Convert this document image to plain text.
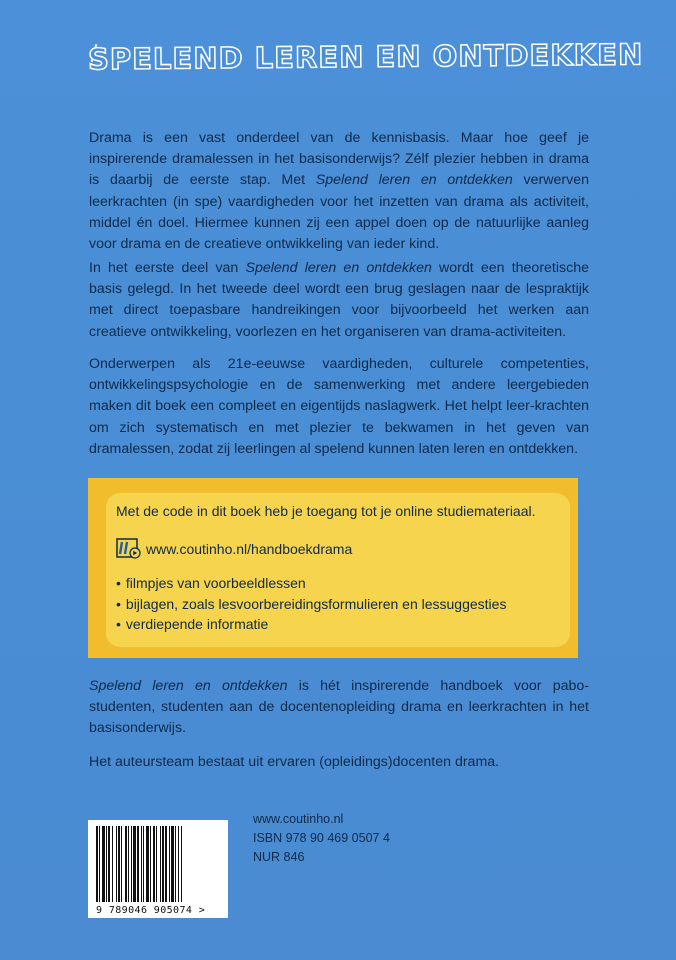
SPELEND LEREN EN ONTDEKKEN

Drama is een vast onderdeel van de kennisbasis. Maar hoe geef je inspirerende dramalessen in het basisonderwijs? Zélf plezier hebben in drama is daarbij de eerste stap. Met Spelend leren en ontdekken verwerven leerkrachten (in spe) vaardigheden voor het inzetten van drama als activiteit, middel én doel. Hiermee kunnen zij een appel doen op de natuurlijke aanleg voor drama en de creatieve ontwikkeling van ieder kind.

In het eerste deel van Spelend leren en ontdekken wordt een theoretische basis gelegd. In het tweede deel wordt een brug geslagen naar de lespraktijk met direct toepasbare handreikingen voor bijvoorbeeld het werken aan creatieve ontwikkeling, voorlezen en het organiseren van drama-activiteiten.

Onderwerpen als 21e-eeuwse vaardigheden, culturele competenties, ontwikkelingspsychologie en de samenwerking met andere leergebieden maken dit boek een compleet en eigentijds naslagwerk. Het helpt leer-krachten om zich systematisch en met plezier te bekwamen in het geven van dramalessen, zodat zij leerlingen al spelend kunnen laten leren en ontdekken.

Met de code in dit boek heb je toegang tot je online studiemateriaal.
www.coutinho.nl/handboekdrama
• filmpjes van voorbeeldlessen
• bijlagen, zoals lesvoorbereidingsformulieren en lessuggesties
• verdiepende informatie

Spelend leren en ontdekken is hét inspirerende handboek voor pabo-studenten, studenten aan de docentenopleiding drama en leerkrachten in het basisonderwijs.

Het auteursteam bestaat uit ervaren (opleidings)docenten drama.

9 789046 905074 >
www.coutinho.nl
ISBN 978 90 469 0507 4
NUR 846
